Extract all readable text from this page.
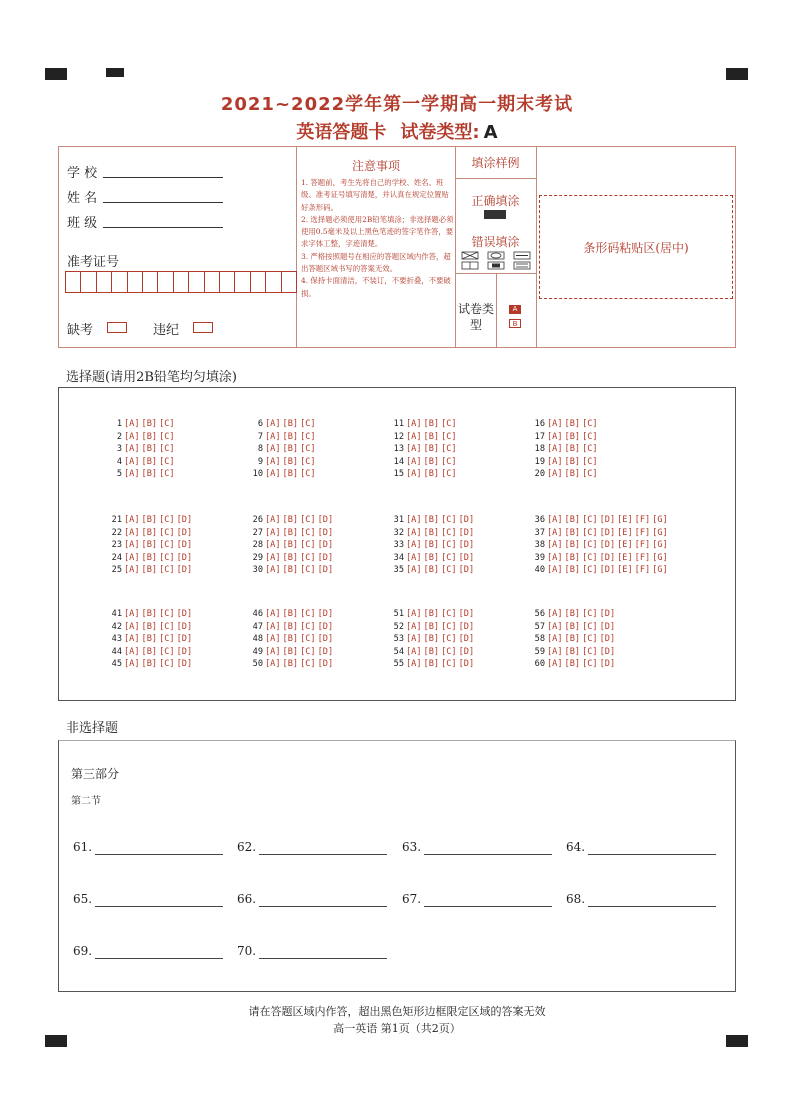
2021~2022学年第一学期高一期末考试
英语答题卡 试卷类型: A
学 校
姓 名
班 级
准考证号
缺考	违纪
注意事项

1. 答题前，考生先将自己的学校、姓名、班级、准考证号填写清楚，并认真在规定位置贴好条形码。

2. 选择题必须使用2B铅笔填涂；非选择题必须使用0.5毫米及以上黑色笔迹的签字笔作答，要求字体工整，字迹清楚。

3. 严格按照题号在相应的答题区域内作答，超出答题区域书写的答案无效。

4. 保持卡面清洁，不装订，不要折叠，不要破损。

填涂样例
正确填涂
错误填涂
试卷类型
A
B
条形码粘贴区(居中)
选择题(请用2B铅笔均匀填涂)
1 [A] [B] [C]
2 [A] [B] [C]
3 [A] [B] [C]
4 [A] [B] [C]
5 [A] [B] [C]
6 [A] [B] [C]
7 [A] [B] [C]
8 [A] [B] [C]
9 [A] [B] [C]
10 [A] [B] [C]
11 [A] [B] [C]
12 [A] [B] [C]
13 [A] [B] [C]
14 [A] [B] [C]
15 [A] [B] [C]
16 [A] [B] [C]
17 [A] [B] [C]
18 [A] [B] [C]
19 [A] [B] [C]
20 [A] [B] [C]
21 [A] [B] [C] [D]
22 [A] [B] [C] [D]
23 [A] [B] [C] [D]
24 [A] [B] [C] [D]
25 [A] [B] [C] [D]
26 [A] [B] [C] [D]
27 [A] [B] [C] [D]
28 [A] [B] [C] [D]
29 [A] [B] [C] [D]
30 [A] [B] [C] [D]
31 [A] [B] [C] [D]
32 [A] [B] [C] [D]
33 [A] [B] [C] [D]
34 [A] [B] [C] [D]
35 [A] [B] [C] [D]
36 [A] [B] [C] [D] [E] [F] [G]
37 [A] [B] [C] [D] [E] [F] [G]
38 [A] [B] [C] [D] [E] [F] [G]
39 [A] [B] [C] [D] [E] [F] [G]
40 [A] [B] [C] [D] [E] [F] [G]
41 [A] [B] [C] [D]
42 [A] [B] [C] [D]
43 [A] [B] [C] [D]
44 [A] [B] [C] [D]
45 [A] [B] [C] [D]
46 [A] [B] [C] [D]
47 [A] [B] [C] [D]
48 [A] [B] [C] [D]
49 [A] [B] [C] [D]
50 [A] [B] [C] [D]
51 [A] [B] [C] [D]
52 [A] [B] [C] [D]
53 [A] [B] [C] [D]
54 [A] [B] [C] [D]
55 [A] [B] [C] [D]
56 [A] [B] [C] [D]
57 [A] [B] [C] [D]
58 [A] [B] [C] [D]
59 [A] [B] [C] [D]
60 [A] [B] [C] [D]
非选择题
第三部分
第二节
61.	62.	63.	64.
65.	66.	67.	68.
69.	70.
请在答题区域内作答，超出黑色矩形边框限定区域的答案无效
高一英语 第1页（共2页）
